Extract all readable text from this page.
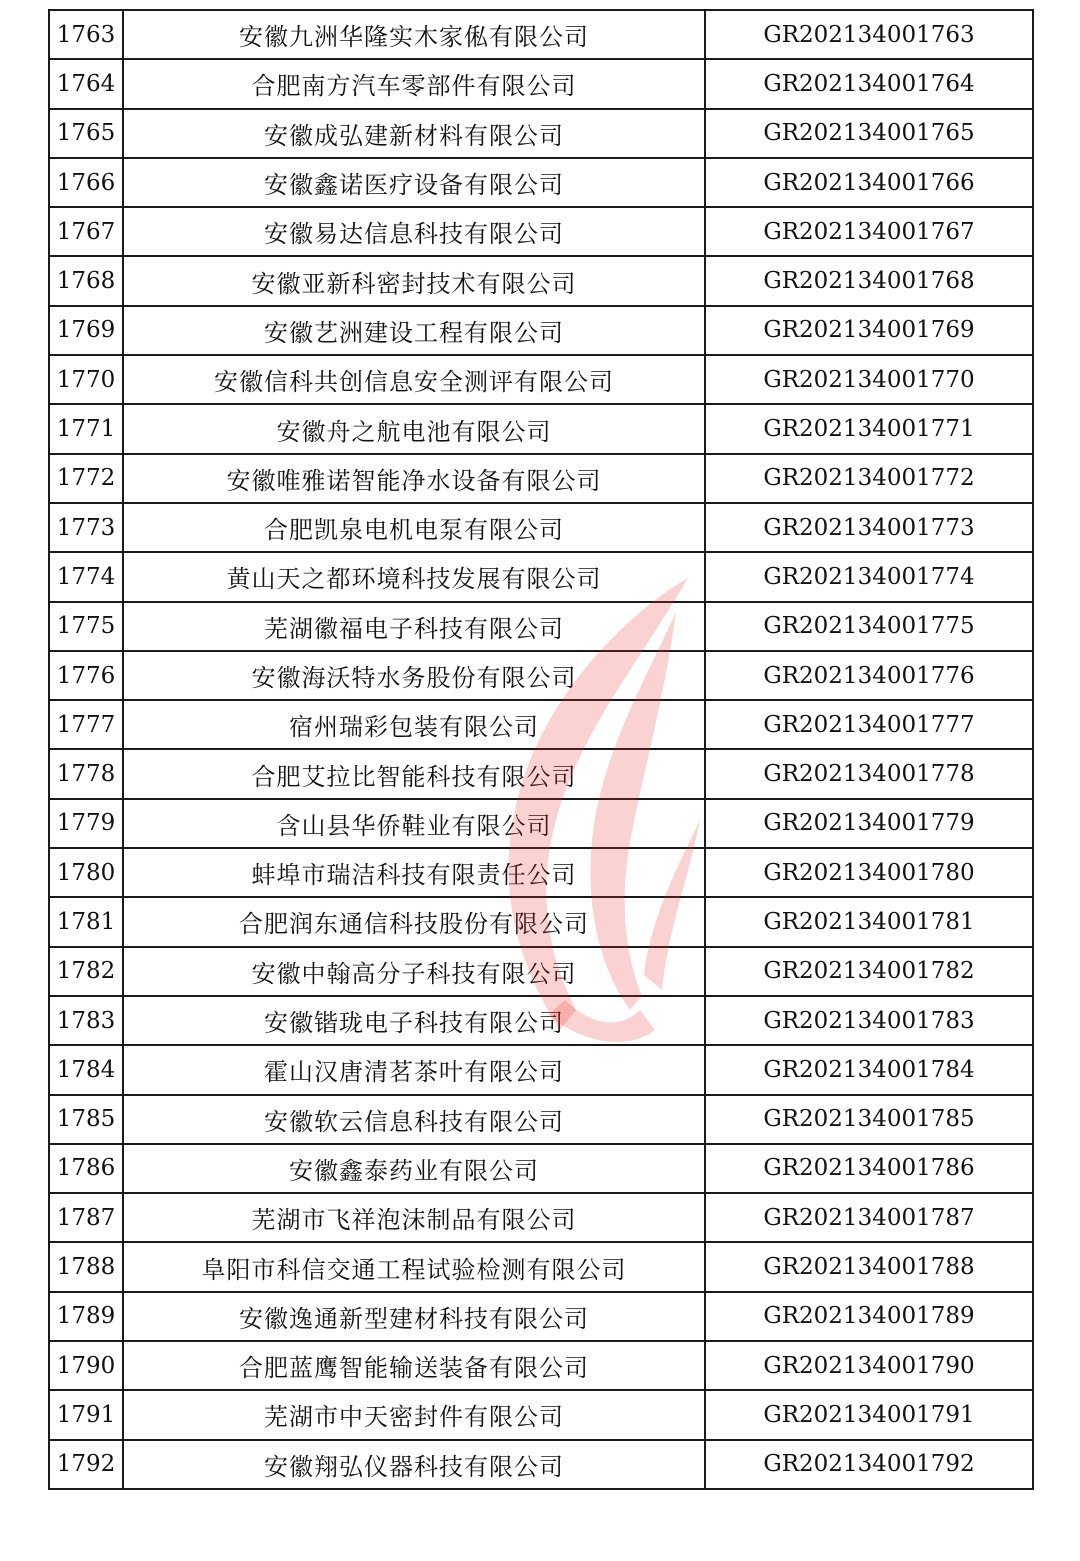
1763	安徽九洲华隆实木家俬有限公司	GR202134001763
1764	合肥南方汽车零部件有限公司	GR202134001764
1765	安徽成弘建新材料有限公司	GR202134001765
1766	安徽鑫诺医疗设备有限公司	GR202134001766
1767	安徽易达信息科技有限公司	GR202134001767
1768	安徽亚新科密封技术有限公司	GR202134001768
1769	安徽艺洲建设工程有限公司	GR202134001769
1770	安徽信科共创信息安全测评有限公司	GR202134001770
1771	安徽舟之航电池有限公司	GR202134001771
1772	安徽唯雅诺智能净水设备有限公司	GR202134001772
1773	合肥凯泉电机电泵有限公司	GR202134001773
1774	黄山天之都环境科技发展有限公司	GR202134001774
1775	芜湖徽福电子科技有限公司	GR202134001775
1776	安徽海沃特水务股份有限公司	GR202134001776
1777	宿州瑞彩包装有限公司	GR202134001777
1778	合肥艾拉比智能科技有限公司	GR202134001778
1779	含山县华侨鞋业有限公司	GR202134001779
1780	蚌埠市瑞洁科技有限责任公司	GR202134001780
1781	合肥润东通信科技股份有限公司	GR202134001781
1782	安徽中翰高分子科技有限公司	GR202134001782
1783	安徽锴珑电子科技有限公司	GR202134001783
1784	霍山汉唐清茗茶叶有限公司	GR202134001784
1785	安徽软云信息科技有限公司	GR202134001785
1786	安徽鑫泰药业有限公司	GR202134001786
1787	芜湖市飞祥泡沫制品有限公司	GR202134001787
1788	阜阳市科信交通工程试验检测有限公司	GR202134001788
1789	安徽逸通新型建材科技有限公司	GR202134001789
1790	合肥蓝鹰智能输送装备有限公司	GR202134001790
1791	芜湖市中天密封件有限公司	GR202134001791
1792	安徽翔弘仪器科技有限公司	GR202134001792
